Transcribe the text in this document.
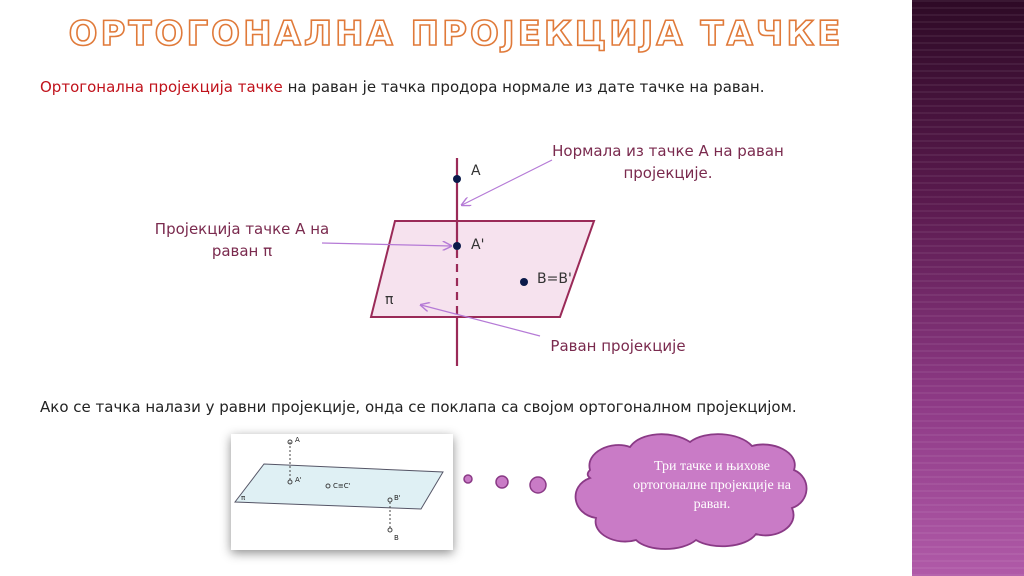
ОРТОГОНАЛНА ПРОЈЕКЦИЈА ТАЧКЕ
Ортогонална пројекција тачке на раван је тачка продора нормале из дате тачке на раван.
A
A'
B=B'
π
Нормала из тачке A на раван
пројекције.
Пројекција тачке A на
раван π
Раван пројекције
Ако се тачка налази у равни пројекције, онда се поклапа са својом ортогоналном пројекцијом.
A
A'
C≡C'
B'
B
π
Три тачке и њихове
ортогоналне пројекције на
раван.
